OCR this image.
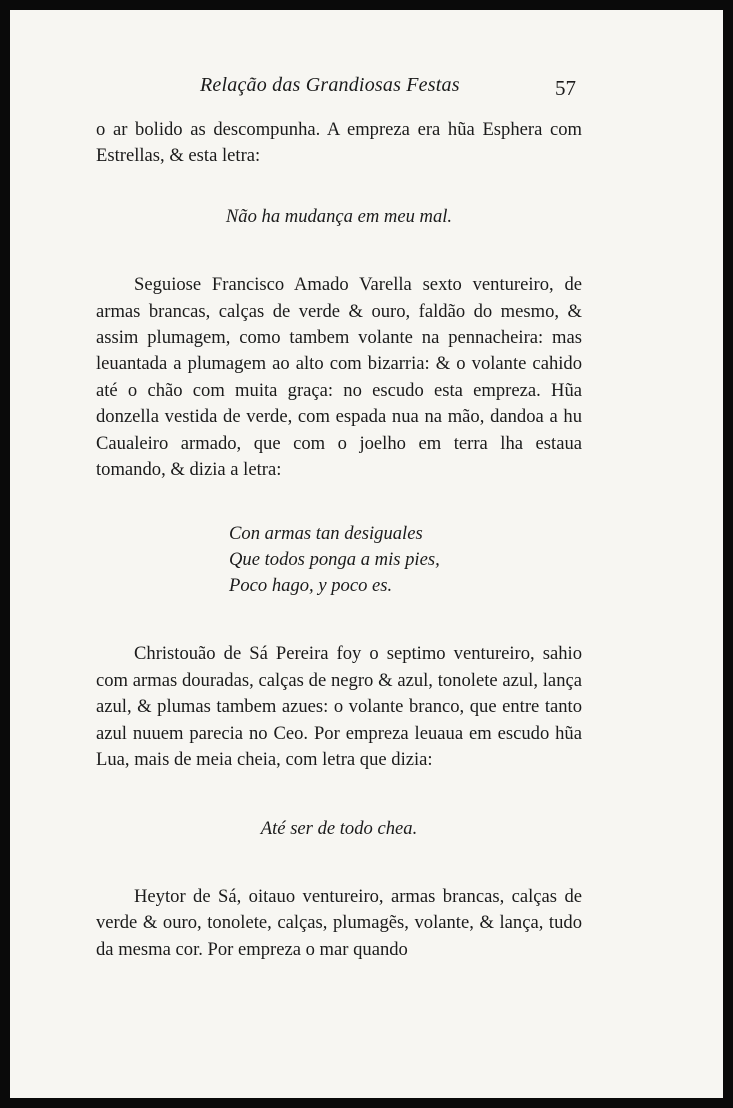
Relação das Grandiosas Festas	57

o ar bolido as descompunha. A empreza era hũa Esphera com Estrellas, & esta letra:

Não ha mudança em meu mal.

Seguiose Francisco Amado Varella sexto ventureiro, de armas brancas, calças de verde & ouro, faldão do mesmo, & assim plumagem, como tambem volante na pennacheira: mas leuantada a plumagem ao alto com bizarria: & o volante cahido até o chão com muita graça: no escudo esta empreza. Hũa donzella vestida de verde, com espada nua na mão, dandoa a hu Caualeiro armado, que com o joelho em terra lha estaua tomando, & dizia a letra:

Con armas tan desiguales
Que todos ponga a mis pies,
Poco hago, y poco es.

Christouão de Sá Pereira foy o septimo ventureiro, sahio com armas douradas, calças de negro & azul, tonolete azul, lança azul, & plumas tambem azues: o volante branco, que entre tanto azul nuuem parecia no Ceo. Por empreza leuaua em escudo hũa Lua, mais de meia cheia, com letra que dizia:

Até ser de todo chea.

Heytor de Sá, oitauo ventureiro, armas brancas, calças de verde & ouro, tonolete, calças, plumagẽs, volante, & lança, tudo da mesma cor. Por empreza o mar quando
